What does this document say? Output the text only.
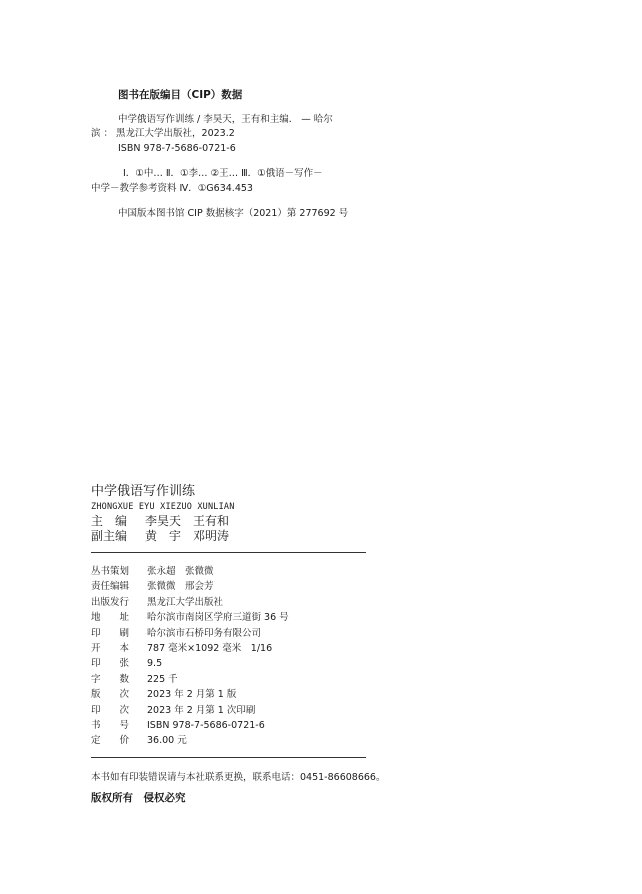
图书在版编目（CIP）数据
中学俄语写作训练 / 李昊天，王有和主编． — 哈尔
滨 ： 黑龙江大学出版社，2023.2
ISBN 978-7-5686-0721-6
Ⅰ．①中… Ⅱ．①李… ②王… Ⅲ．①俄语－写作－
中学－教学参考资料 Ⅳ．①G634.453
中国版本图书馆 CIP 数据核字（2021）第 277692 号
中学俄语写作训练
ZHONGXUE EYU XIEZUO XUNLIAN
主　编 李昊天　王有和
副主编 黄　宇　邓明涛
丛书策划 张永超　张微微
责任编辑 张微微　邢会芳
出版发行 黑龙江大学出版社
地　　址 哈尔滨市南岗区学府三道街 36 号
印　　刷 哈尔滨市石桥印务有限公司
开　　本 787 毫米×1092 毫米　1/16
印　　张 9.5
字　　数 225 千
版　　次 2023 年 2 月第 1 版
印　　次 2023 年 2 月第 1 次印刷
书　　号 ISBN 978-7-5686-0721-6
定　　价 36.00 元
本书如有印装错误请与本社联系更换，联系电话：0451-86608666。
版权所有　侵权必究
